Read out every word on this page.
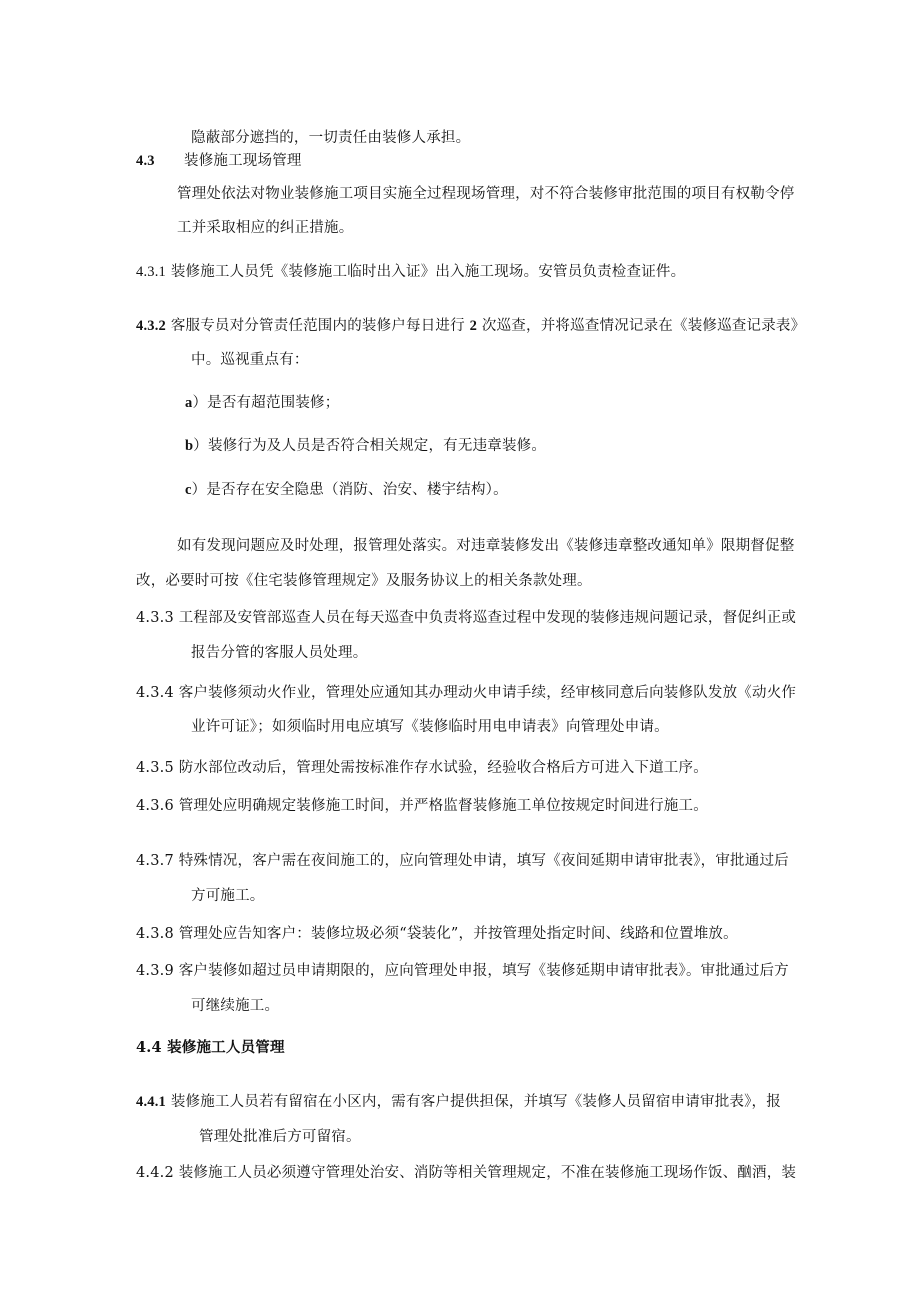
隐蔽部分遮挡的，一切责任由装修人承担。
4.3 装修施工现场管理
管理处依法对物业装修施工项目实施全过程现场管理，对不符合装修审批范围的项目有权勒令停
工并采取相应的纠正措施。
4.3.1 装修施工人员凭《装修施工临时出入证》出入施工现场。安管员负责检查证件。
4.3.2 客服专员对分管责任范围内的装修户每日进行 2 次巡查，并将巡查情况记录在《装修巡查记录表》
中。巡视重点有：
a）是否有超范围装修；
b）装修行为及人员是否符合相关规定，有无违章装修。
c）是否存在安全隐患（消防、治安、楼宇结构）。
如有发现问题应及时处理，报管理处落实。对违章装修发出《装修违章整改通知单》限期督促整
改，必要时可按《住宅装修管理规定》及服务协议上的相关条款处理。
4.3.3 工程部及安管部巡查人员在每天巡查中负责将巡查过程中发现的装修违规问题记录，督促纠正或
报告分管的客服人员处理。
4.3.4 客户装修须动火作业，管理处应通知其办理动火申请手续，经审核同意后向装修队发放《动火作
业许可证》；如须临时用电应填写《装修临时用电申请表》向管理处申请。
4.3.5 防水部位改动后，管理处需按标准作存水试验，经验收合格后方可进入下道工序。
4.3.6 管理处应明确规定装修施工时间，并严格监督装修施工单位按规定时间进行施工。
4.3.7 特殊情况，客户需在夜间施工的，应向管理处申请，填写《夜间延期申请审批表》，审批通过后
方可施工。
4.3.8 管理处应告知客户：装修垃圾必须“袋装化”，并按管理处指定时间、线路和位置堆放。
4.3.9 客户装修如超过员申请期限的，应向管理处申报，填写《装修延期申请审批表》。审批通过后方
可继续施工。
4.4 装修施工人员管理
4.4.1 装修施工人员若有留宿在小区内，需有客户提供担保，并填写《装修人员留宿申请审批表》，报
管理处批准后方可留宿。
4.4.2 装修施工人员必须遵守管理处治安、消防等相关管理规定，不准在装修施工现场作饭、酗酒，装
